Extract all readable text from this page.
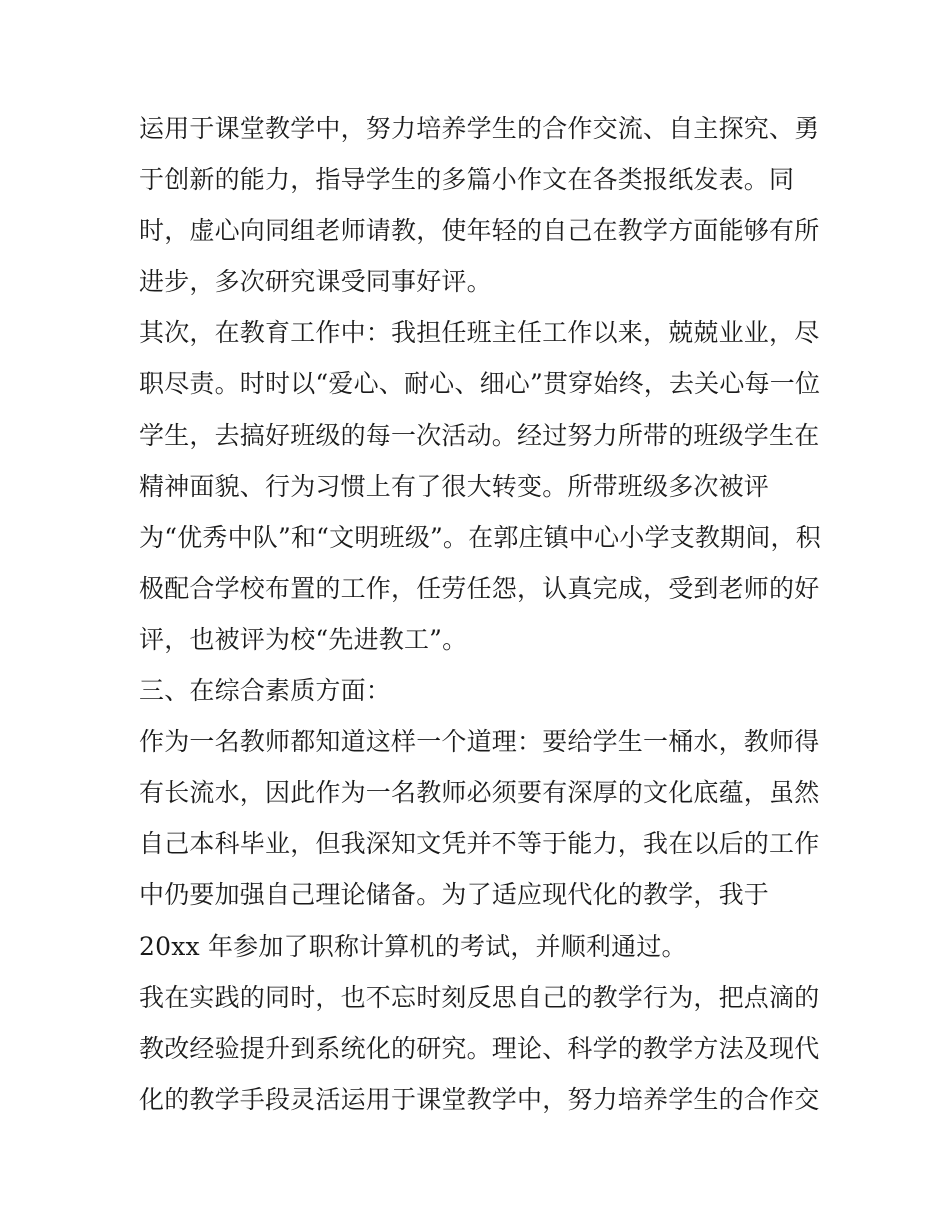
运用于课堂教学中，努力培养学生的合作交流、自主探究、勇
于创新的能力，指导学生的多篇小作文在各类报纸发表。同
时，虚心向同组老师请教，使年轻的自己在教学方面能够有所
进步，多次研究课受同事好评。
其次，在教育工作中：我担任班主任工作以来，兢兢业业，尽
职尽责。时时以“爱心、耐心、细心”贯穿始终，去关心每一位
学生，去搞好班级的每一次活动。经过努力所带的班级学生在
精神面貌、行为习惯上有了很大转变。所带班级多次被评
为“优秀中队”和“文明班级”。在郭庄镇中心小学支教期间，积
极配合学校布置的工作，任劳任怨，认真完成，受到老师的好
评，也被评为校“先进教工”。
三、在综合素质方面：
作为一名教师都知道这样一个道理：要给学生一桶水，教师得
有长流水，因此作为一名教师必须要有深厚的文化底蕴，虽然
自己本科毕业，但我深知文凭并不等于能力，我在以后的工作
中仍要加强自己理论储备。为了适应现代化的教学，我于
20xx 年参加了职称计算机的考试，并顺利通过。
我在实践的同时，也不忘时刻反思自己的教学行为，把点滴的
教改经验提升到系统化的研究。理论、科学的教学方法及现代
化的教学手段灵活运用于课堂教学中，努力培养学生的合作交
